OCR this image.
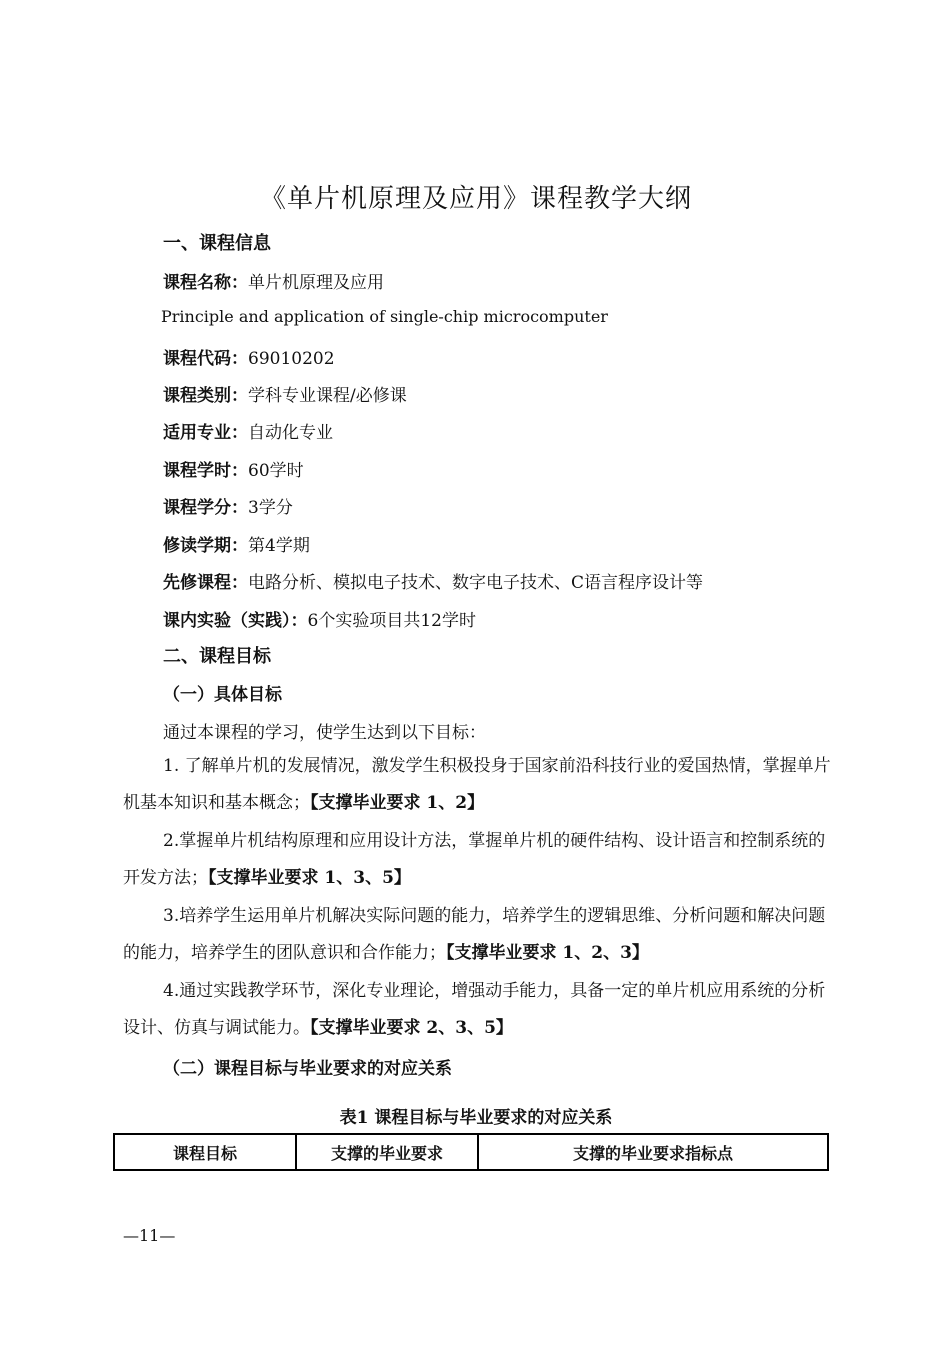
《单片机原理及应用》课程教学大纲
一、课程信息
课程名称：单片机原理及应用
Principle and application of single-chip microcomputer
课程代码：69010202
课程类别：学科专业课程/必修课
适用专业：自动化专业
课程学时：60学时
课程学分：3学分
修读学期：第4学期
先修课程：电路分析、模拟电子技术、数字电子技术、C语言程序设计等
课内实验（实践）：6个实验项目共12学时
二、课程目标
（一）具体目标
通过本课程的学习，使学生达到以下目标：
1. 了解单片机的发展情况，激发学生积极投身于国家前沿科技行业的爱国热情，掌握单片机基本知识和基本概念；【支撑毕业要求 1、2】
2.掌握单片机结构原理和应用设计方法，掌握单片机的硬件结构、设计语言和控制系统的开发方法；【支撑毕业要求 1、3、5】
3.培养学生运用单片机解决实际问题的能力，培养学生的逻辑思维、分析问题和解决问题的能力，培养学生的团队意识和合作能力；【支撑毕业要求 1、2、3】
4.通过实践教学环节，深化专业理论，增强动手能力，具备一定的单片机应用系统的分析设计、仿真与调试能力。【支撑毕业要求 2、3、5】
（二）课程目标与毕业要求的对应关系
表1 课程目标与毕业要求的对应关系
课程目标	支撑的毕业要求	支撑的毕业要求指标点
—11—
